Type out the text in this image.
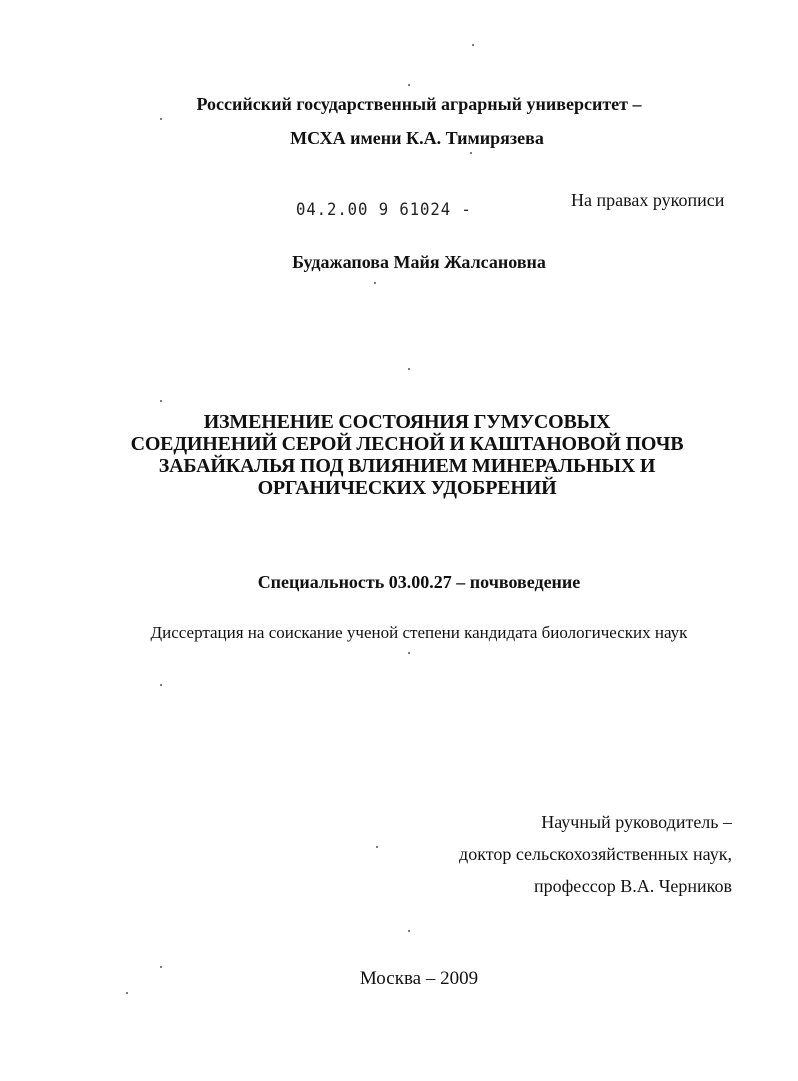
Российский государственный аграрный университет –
МСХА имени К.А. Тимирязева
04.2.00 9 61024 -	На правах рукописи
Будажапова Майя Жалсановна
ИЗМЕНЕНИЕ СОСТОЯНИЯ ГУМУСОВЫХ
СОЕДИНЕНИЙ СЕРОЙ ЛЕСНОЙ И КАШТАНОВОЙ ПОЧВ
ЗАБАЙКАЛЬЯ ПОД ВЛИЯНИЕМ МИНЕРАЛЬНЫХ И
ОРГАНИЧЕСКИХ УДОБРЕНИЙ
Специальность 03.00.27 – почвоведение
Диссертация на соискание ученой степени кандидата биологических наук
Научный руководитель –
доктор сельскохозяйственных наук,
профессор В.А. Черников
Москва – 2009
